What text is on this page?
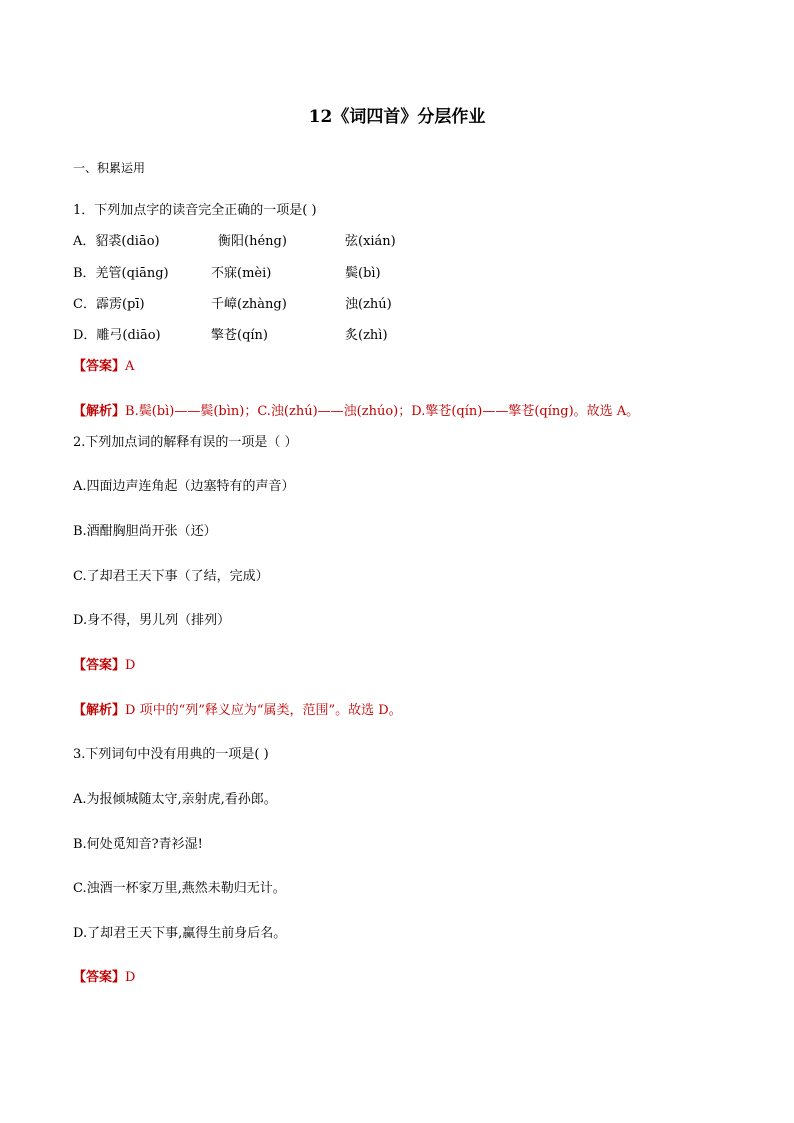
12《词四首》分层作业
一、积累运用
1．下列加点字的读音完全正确的一项是( )
A．貂裘(diāo)	衡阳(héng)	弦(xián)
B．羌管(qiāng)	不寐(mèi)	鬓(bì)
C．霹雳(pī)	千嶂(zhàng)	浊(zhú)
D．雕弓(diāo)	擎苍(qín)	炙(zhì)
【答案】A
【解析】B.鬓(bì)——鬓(bìn)；C.浊(zhú)——浊(zhúo)；D.擎苍(qín)——擎苍(qíng)。故选 A。
2.下列加点词的解释有误的一项是（ ）
A.四面边声连角起（边塞特有的声音）
B.酒酣胸胆尚开张（还）
C.了却君王天下事（了结，完成）
D.身不得，男儿列（排列）
【答案】D
【解析】D 项中的“列”释义应为“属类，范围”。故选 D。
3.下列词句中没有用典的一项是( )
A.为报倾城随太守,亲射虎,看孙郎。
B.何处觅知音?青衫湿!
C.浊酒一杯家万里,燕然未勒归无计。
D.了却君王天下事,赢得生前身后名。
【答案】D
